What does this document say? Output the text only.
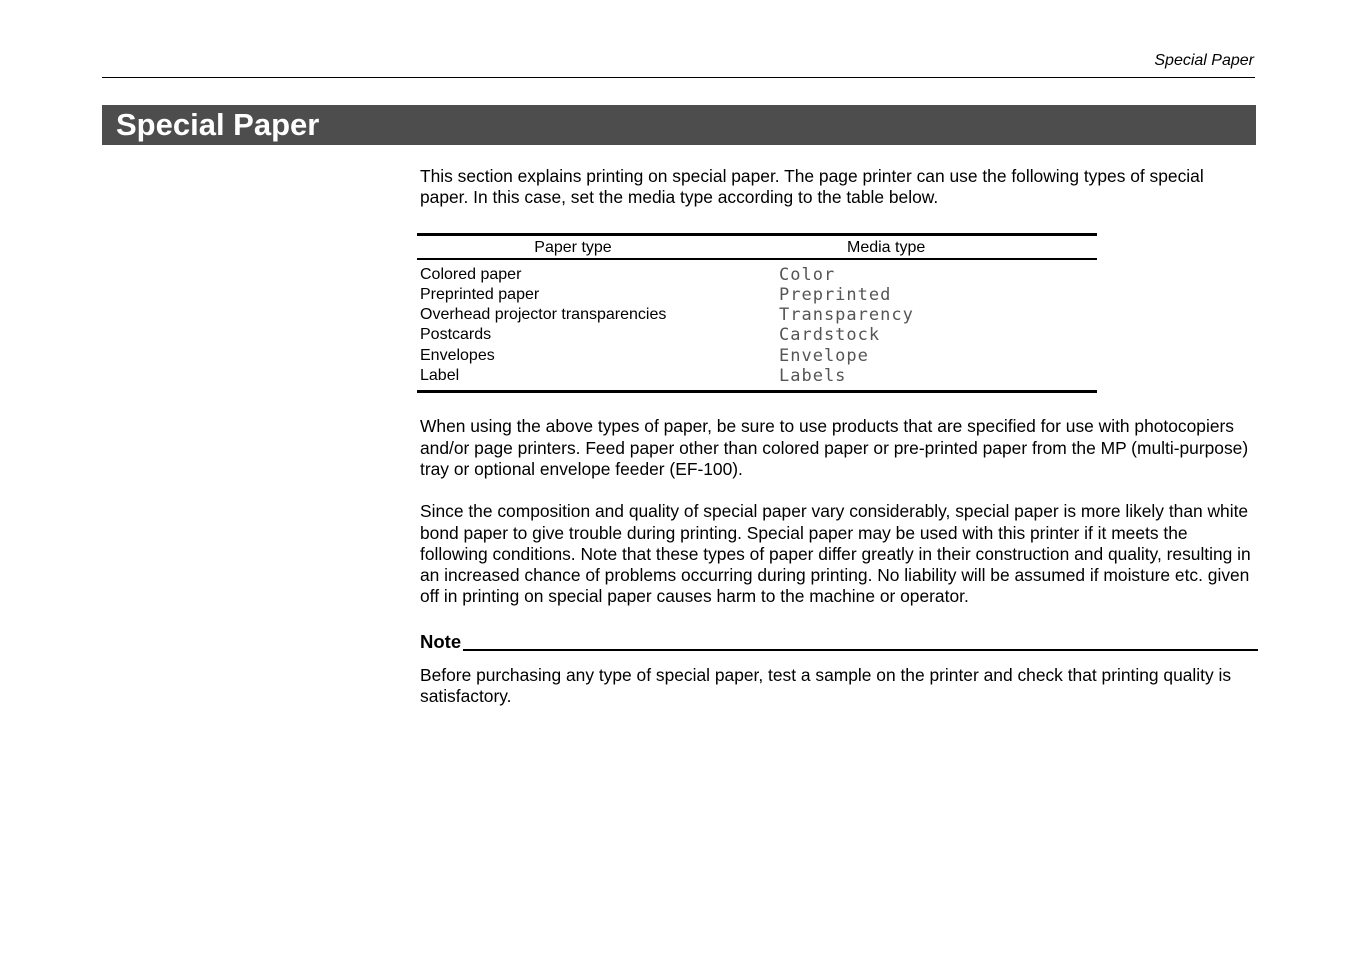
Special Paper
Special Paper

This section explains printing on special paper. The page printer can use the following types of special paper. In this case, set the media type according to the table below.

Paper type	Media type
Colored paper	Color
Preprinted paper	Preprinted
Overhead projector transparencies	Transparency
Postcards	Cardstock
Envelopes	Envelope
Label	Labels

When using the above types of paper, be sure to use products that are specified for use with photocopiers and/or page printers. Feed paper other than colored paper or pre-printed paper from the MP (multi-purpose) tray or optional envelope feeder (EF-100).

Since the composition and quality of special paper vary considerably, special paper is more likely than white bond paper to give trouble during printing. Special paper may be used with this printer if it meets the following conditions. Note that these types of paper differ greatly in their construction and quality, resulting in an increased chance of problems occurring during printing. No liability will be assumed if moisture etc. given off in printing on special paper causes harm to the machine or operator.

Note

Before purchasing any type of special paper, test a sample on the printer and check that printing quality is satisfactory.
